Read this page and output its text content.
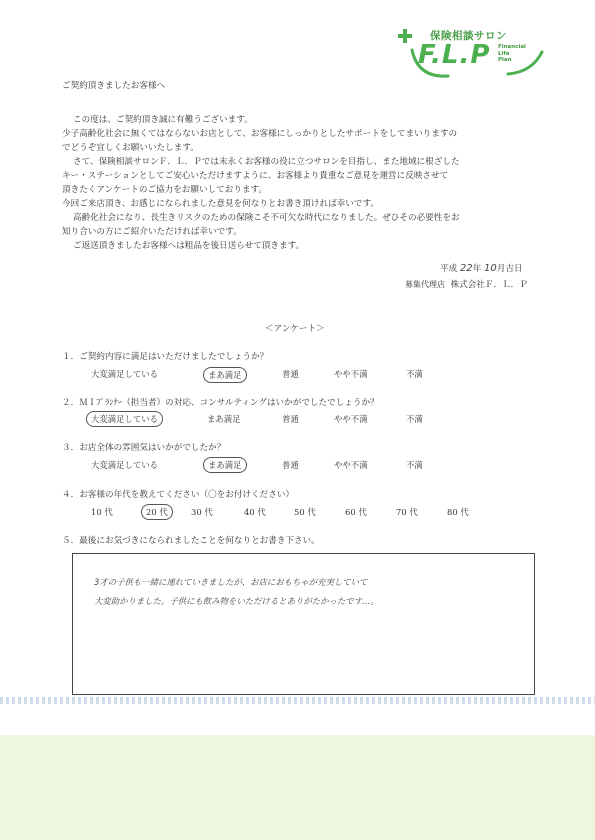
保険相談サロン
F.L.P Financial
Life
Plan
ご契約頂きましたお客様へ
この度は、ご契約頂き誠に有難うございます。
少子高齢化社会に無くてはならないお店として、お客様にしっかりとしたサポートをしてまいりますの
でどうぞ宜しくお願いいたします。
さて、保険相談サロンＦ．Ｌ．Ｐでは末永くお客様の役に立つサロンを目指し、また地域に根ざした
キー・ステーションとしてご安心いただけますように、お客様より貴重なご意見を運営に反映させて
頂きたくアンケートのご協力をお願いしております。
今回ご来店頂き、お感じになられました意見を何なりとお書き頂ければ幸いです。
高齢化社会になり、長生きリスクのための保険こそ不可欠な時代になりました。ぜひその必要性をお
知り合いの方にご紹介いただければ幸いです。
ご返送頂きましたお客様へは粗品を後日送らせて頂きます。
平成 22年 10月吉日
募集代理店 株式会社Ｆ．Ｌ．Ｐ
＜アンケート＞
１．ご契約内容に満足はいただけましたでしょうか？
大変満足している	まあ満足	普通	やや不満	不満
２．ＭＩﾌﾟﾗﾝﾅｰ（担当者）の対応、コンサルティングはいかがでしたでしょうか？
大変満足している	まあ満足	普通	やや不満	不満
３．お店全体の雰囲気はいかがでしたか？
大変満足している	まあ満足	普通	やや不満	不満
４．お客様の年代を教えてください（〇をお付けください）
10 代	20 代	30 代	40 代	50 代	60 代	70 代	80 代
５．最後にお気づきになられましたことを何なりとお書き下さい。
3才の子供も一緒に連れていきましたが、お店におもちゃが充実していて
大変助かりました。子供にも飲み物をいただけるとありがたかったです…。
